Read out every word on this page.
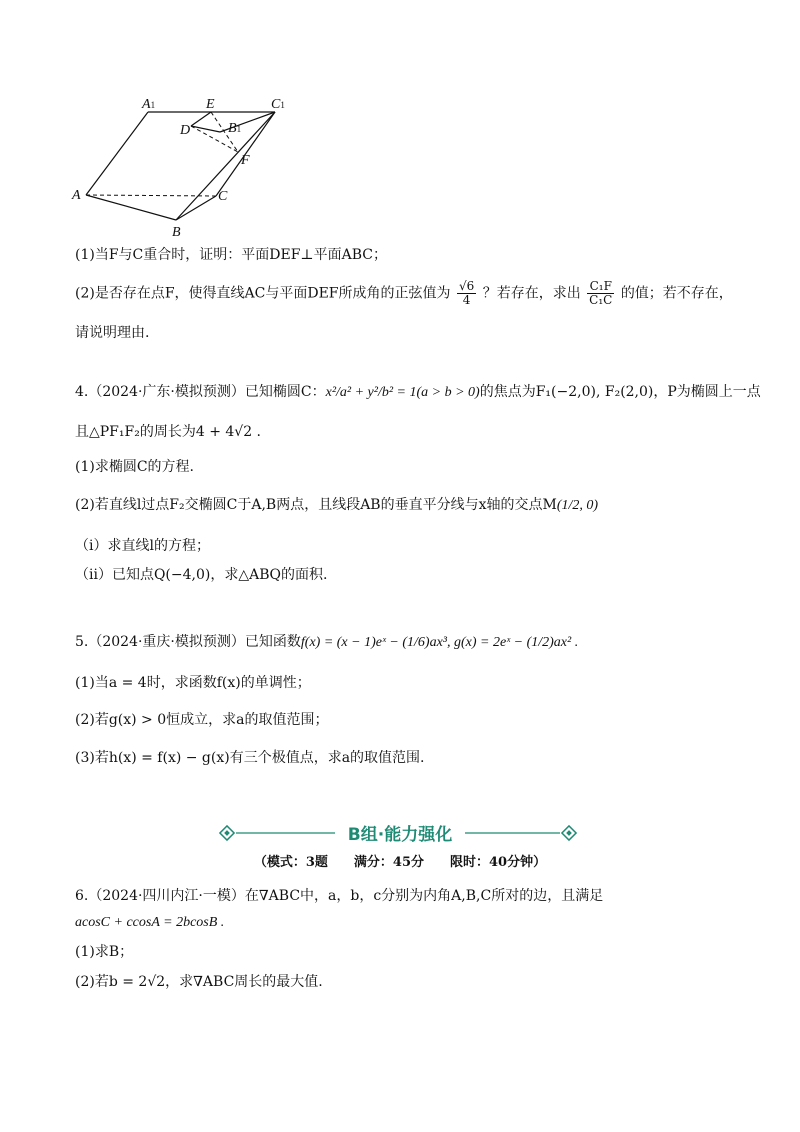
A1	E	C1
D	B1
F
A	C
B
(1)当F与C重合时，证明：平面DEF⊥平面ABC；
(2)是否存在点F，使得直线AC与平面DEF所成角的正弦值为 $\frac{√6}{4}$ ？若存在，求出 $\frac{\text{C₁F}}{\text{C₁C}}$ 的值；若不存在，
请说明理由.
4.（2024·广东·模拟预测）已知椭圆C：x²/a² + y²/b² = 1(a > b > 0)的焦点为F₁(−2,0), F₂(2,0)，P为椭圆上一点
且△PF₁F₂的周长为4 + 4√2 .
(1)求椭圆C的方程.
(2)若直线l过点F₂交椭圆C于A,B两点，且线段AB的垂直平分线与x轴的交点M(1/2, 0)
（i）求直线l的方程；
（ii）已知点Q(−4,0)，求△ABQ的面积.
5.（2024·重庆·模拟预测）已知函数f(x) = (x − 1)eˣ − (1/6)ax³, g(x) = 2eˣ − (1/2)ax² .
(1)当a = 4时，求函数f(x)的单调性；
(2)若g(x) > 0恒成立，求a的取值范围；
(3)若h(x) = f(x) − g(x)有三个极值点，求a的取值范围.
B组·能力强化
（模式：3题　　满分：45分　　限时：40分钟）
6.（2024·四川内江·一模）在∇ABC中，a，b，c分别为内角A,B,C所对的边，且满足
acosC + ccosA = 2bcosB .
(1)求B；
(2)若b = 2√2，求∇ABC周长的最大值.
